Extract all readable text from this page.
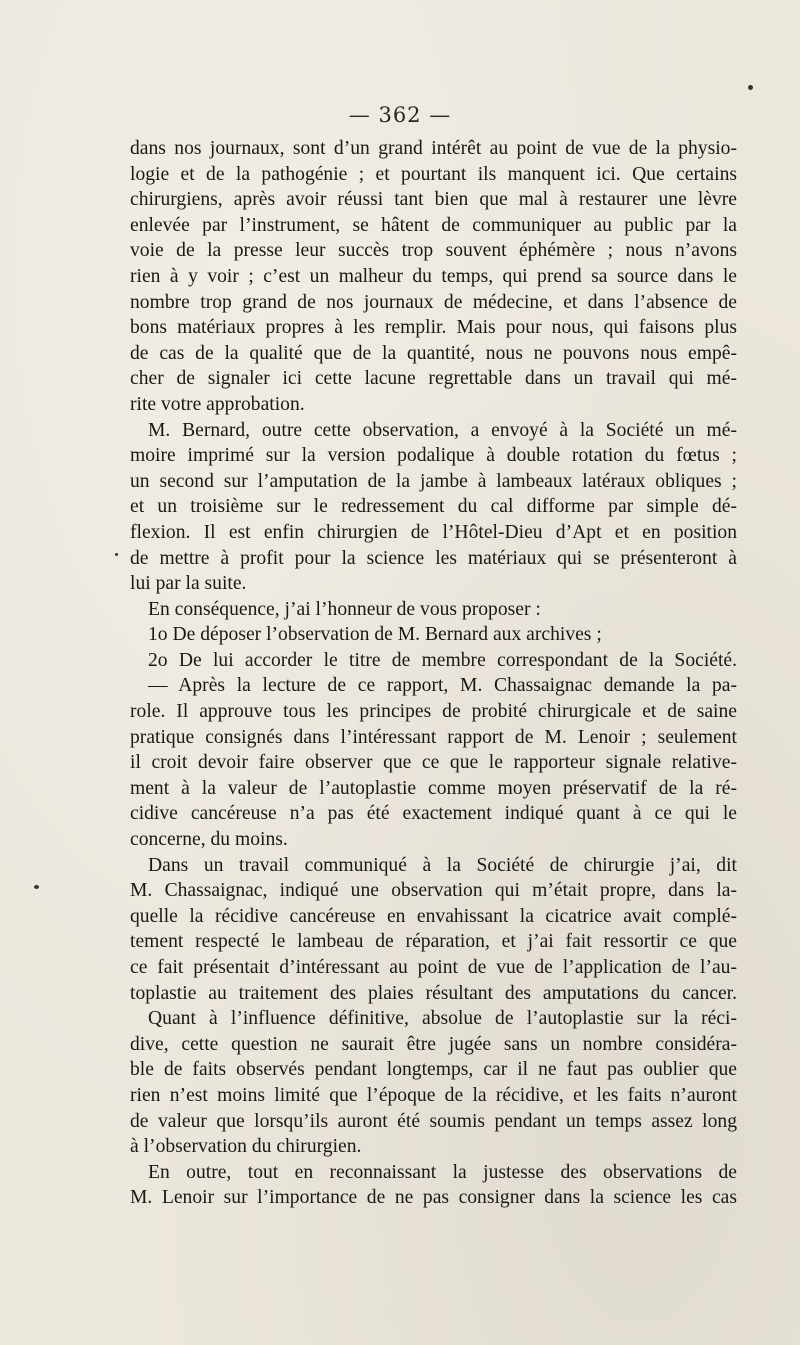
— 362 —
dans nos journaux, sont d’un grand intérêt au point de vue de la physio-
logie et de la pathogénie ; et pourtant ils manquent ici. Que certains
chirurgiens, après avoir réussi tant bien que mal à restaurer une lèvre
enlevée par l’instrument, se hâtent de communiquer au public par la
voie de la presse leur succès trop souvent éphémère ; nous n’avons
rien à y voir ; c’est un malheur du temps, qui prend sa source dans le
nombre trop grand de nos journaux de médecine, et dans l’absence de
bons matériaux propres à les remplir. Mais pour nous, qui faisons plus
de cas de la qualité que de la quantité, nous ne pouvons nous empê-
cher de signaler ici cette lacune regrettable dans un travail qui mé-
rite votre approbation.
M. Bernard, outre cette observation, a envoyé à la Société un mé-
moire imprimé sur la version podalique à double rotation du fœtus ;
un second sur l’amputation de la jambe à lambeaux latéraux obliques ;
et un troisième sur le redressement du cal difforme par simple dé-
flexion. Il est enfin chirurgien de l’Hôtel-Dieu d’Apt et en position
de mettre à profit pour la science les matériaux qui se présenteront à
lui par la suite.
En conséquence, j’ai l’honneur de vous proposer :
1o De déposer l’observation de M. Bernard aux archives ;
2o De lui accorder le titre de membre correspondant de la Société.
— Après la lecture de ce rapport, M. Chassaignac demande la pa-
role. Il approuve tous les principes de probité chirurgicale et de saine
pratique consignés dans l’intéressant rapport de M. Lenoir ; seulement
il croit devoir faire observer que ce que le rapporteur signale relative-
ment à la valeur de l’autoplastie comme moyen préservatif de la ré-
cidive cancéreuse n’a pas été exactement indiqué quant à ce qui le
concerne, du moins.
Dans un travail communiqué à la Société de chirurgie j’ai, dit
M. Chassaignac, indiqué une observation qui m’était propre, dans la-
quelle la récidive cancéreuse en envahissant la cicatrice avait complé-
tement respecté le lambeau de réparation, et j’ai fait ressortir ce que
ce fait présentait d’intéressant au point de vue de l’application de l’au-
toplastie au traitement des plaies résultant des amputations du cancer.
Quant à l’influence définitive, absolue de l’autoplastie sur la réci-
dive, cette question ne saurait être jugée sans un nombre considéra-
ble de faits observés pendant longtemps, car il ne faut pas oublier que
rien n’est moins limité que l’époque de la récidive, et les faits n’auront
de valeur que lorsqu’ils auront été soumis pendant un temps assez long
à l’observation du chirurgien.
En outre, tout en reconnaissant la justesse des observations de
M. Lenoir sur l’importance de ne pas consigner dans la science les cas
